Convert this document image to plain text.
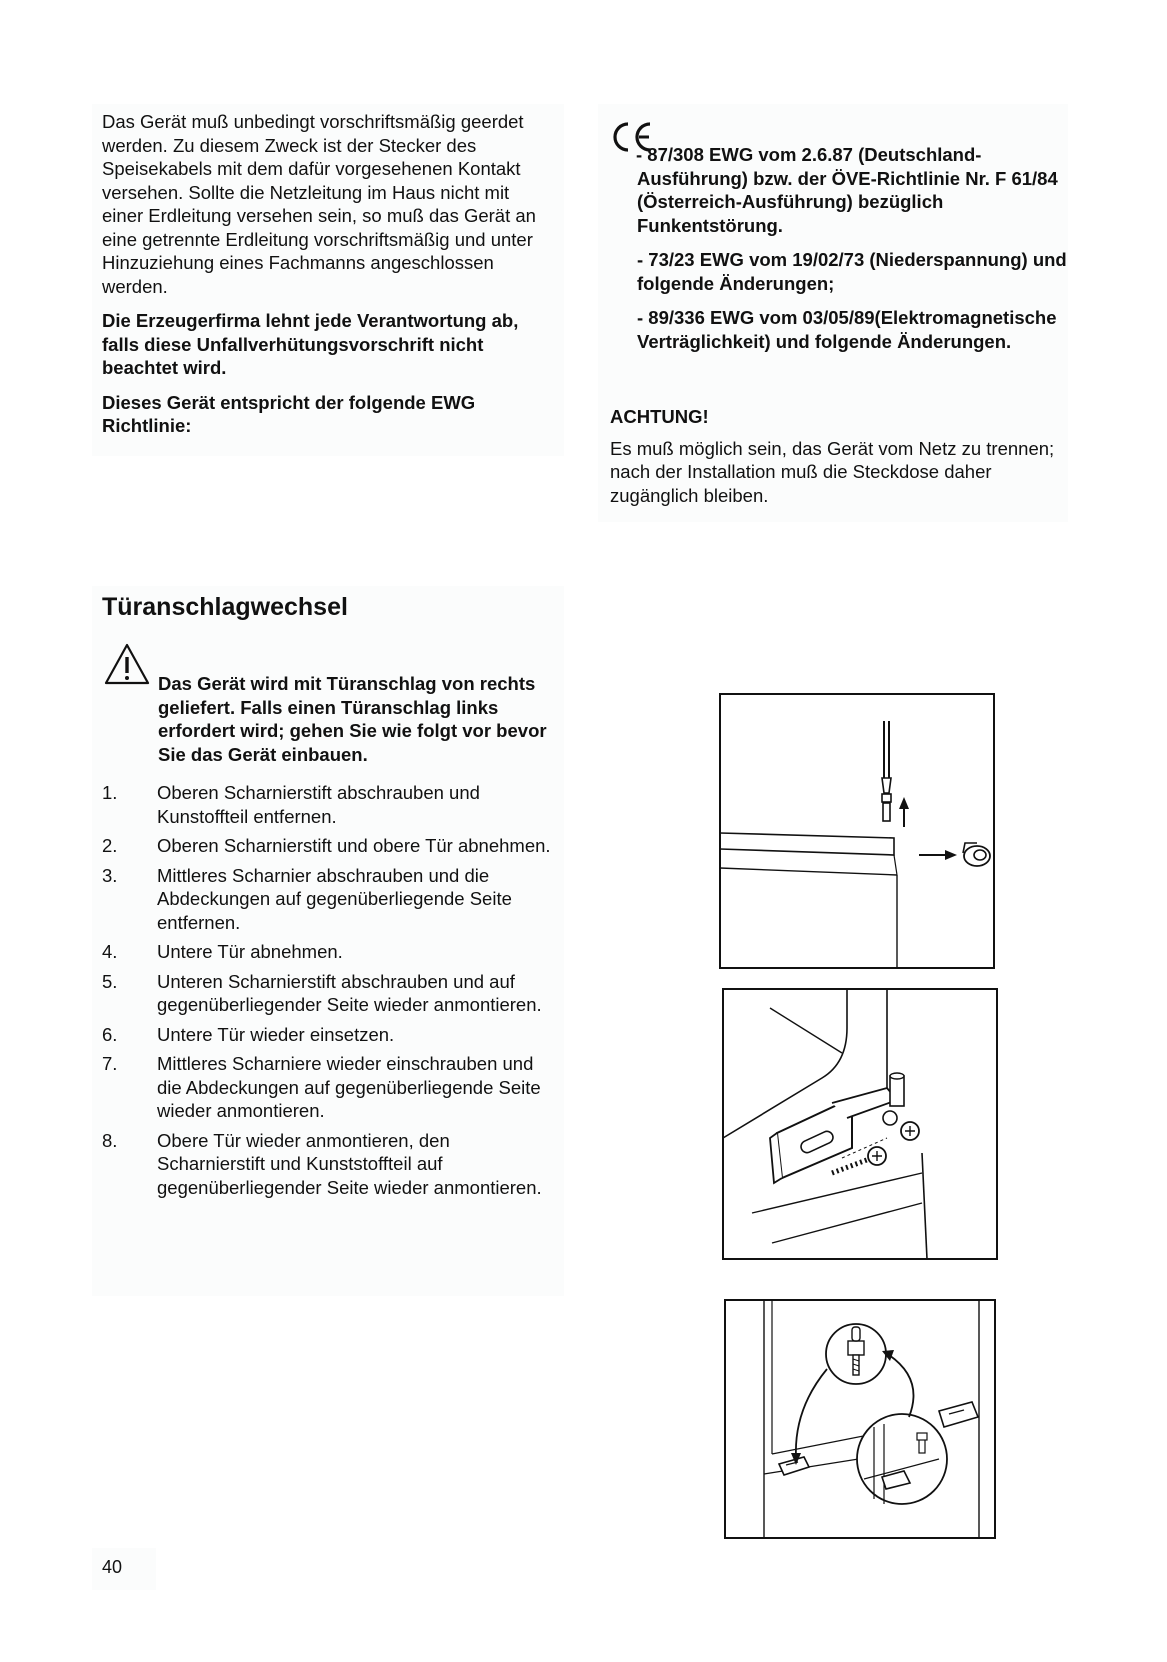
Das Gerät muß unbedingt vorschriftsmäßig geerdet werden. Zu diesem Zweck ist der Stecker des Speisekabels mit dem dafür vorgesehenen Kontakt versehen. Sollte die Netzleitung im Haus nicht mit einer Erdleitung versehen sein, so muß das Gerät an eine getrennte Erdleitung vorschriftsmäßig und unter Hinzuziehung eines Fachmanns angeschlossen werden.

Die Erzeugerfirma lehnt jede Verantwortung ab, falls diese Unfallverhütungsvorschrift nicht beachtet wird.

Dieses Gerät entspricht der folgende EWG Richtlinie:

- 87/308 EWG vom 2.6.87 (Deutschland-Ausführung) bzw. der ÖVE-Richtlinie Nr. F 61/84 (Österreich-Ausführung) bezüglich Funkentstörung.

- 73/23 EWG vom 19/02/73 (Niederspannung) und folgende Änderungen;

- 89/336 EWG vom 03/05/89(Elektromagnetische Verträglichkeit) und folgende Änderungen.

ACHTUNG!

Es muß möglich sein, das Gerät vom Netz zu trennen; nach der Installation muß die Steckdose daher zugänglich bleiben.

Türanschlagwechsel

Das Gerät wird mit Türanschlag von rechts geliefert. Falls einen Türanschlag links erfordert wird; gehen Sie wie folgt vor bevor Sie das Gerät einbauen.

1. Oberen Scharnierstift abschrauben und Kunstoffteil entfernen.
2. Oberen Scharnierstift und obere Tür abnehmen.
3. Mittleres Scharnier abschrauben und die Abdeckungen auf gegenüberliegende Seite entfernen.
4. Untere Tür abnehmen.
5. Unteren Scharnierstift abschrauben und auf gegenüberliegender Seite wieder anmontieren.
6. Untere Tür wieder einsetzen.
7. Mittleres Scharniere wieder einschrauben und die Abdeckungen auf gegenüberliegende Seite wieder anmontieren.
8. Obere Tür wieder anmontieren, den Scharnierstift und Kunststoffteil auf gegenüberliegender Seite wieder anmontieren.
40
